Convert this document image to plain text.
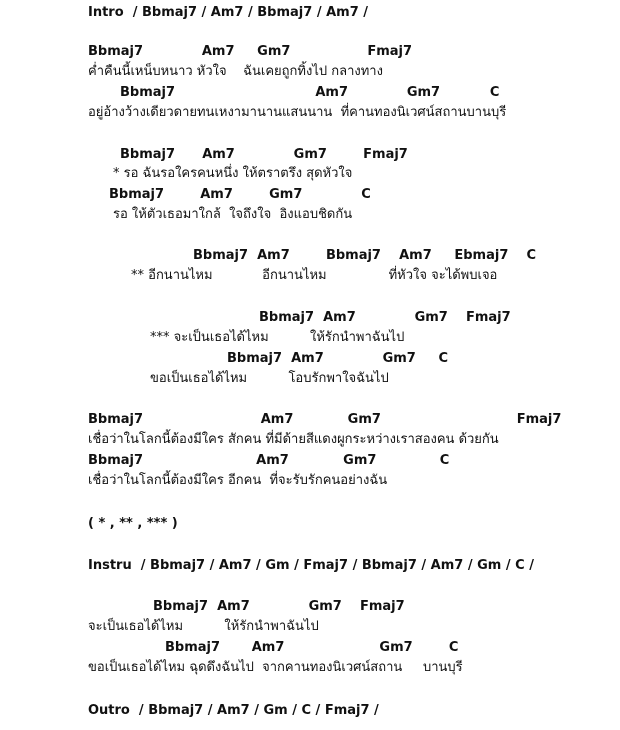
Intro  / Bbmaj7 / Am7 / Bbmaj7 / Am7 /
Bbmaj7             Am7     Gm7                 Fmaj7
ค่ำคืนนี้เหน็บหนาว หัวใจ    ฉันเคยถูกทิ้งไป กลางทาง
Bbmaj7                               Am7             Gm7           C
อยู่อ้างว้างเดียวดายทนเหงามานานแสนนาน  ที่คานทองนิเวศน์สถานบานบุรี
Bbmaj7      Am7             Gm7        Fmaj7
* รอ ฉันรอใครคนหนึ่ง ให้ตราตรึง สุดหัวใจ
Bbmaj7        Am7        Gm7             C
รอ ให้ตัวเธอมาใกล้  ใจถึงใจ  อิงแอบชิดกัน
Bbmaj7  Am7        Bbmaj7    Am7     Ebmaj7    C
** อีกนานไหม            อีกนานไหม               ที่หัวใจ จะได้พบเจอ
Bbmaj7  Am7             Gm7    Fmaj7
*** จะเป็นเธอได้ไหม          ให้รักนำพาฉันไป
Bbmaj7  Am7             Gm7     C
ขอเป็นเธอได้ไหม          โอบรักพาใจฉันไป
Bbmaj7                          Am7            Gm7                              Fmaj7
เชื่อว่าในโลกนี้ต้องมีใคร สักคน ที่มีด้ายสีแดงผูกระหว่างเราสองคน ด้วยกัน
Bbmaj7                         Am7            Gm7              C
เชื่อว่าในโลกนี้ต้องมีใคร อีกคน  ที่จะรับรักคนอย่างฉัน
( * , ** , *** )
Instru  / Bbmaj7 / Am7 / Gm / Fmaj7 / Bbmaj7 / Am7 / Gm / C /
Bbmaj7  Am7             Gm7    Fmaj7
จะเป็นเธอได้ไหม          ให้รักนำพาฉันไป
Bbmaj7       Am7                     Gm7        C
ขอเป็นเธอได้ไหม ฉุดดึงฉันไป  จากคานทองนิเวศน์สถาน     บานบุรี
Outro  / Bbmaj7 / Am7 / Gm / C / Fmaj7 /
